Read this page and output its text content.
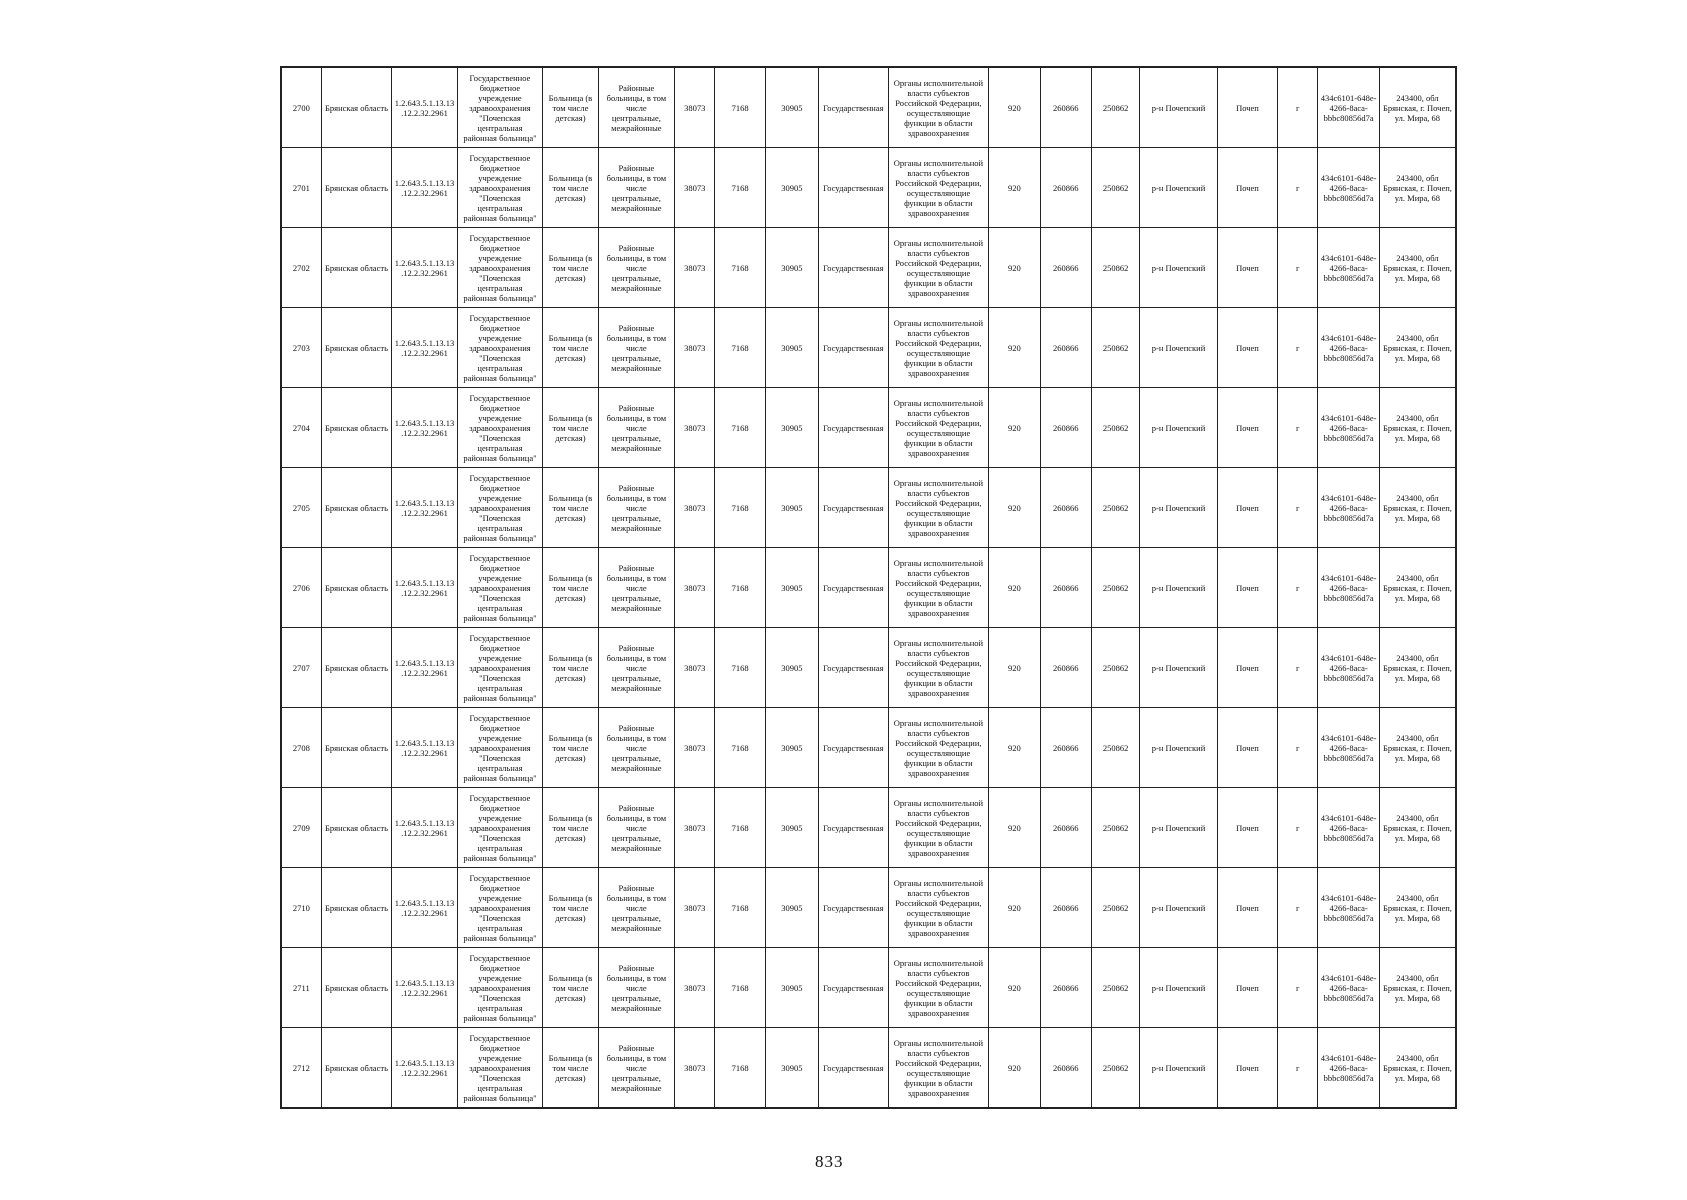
2700	Брянская область	1.2.643.5.1.13.13.12.2.32.2961	Государственное бюджетное учреждение здравоохранения "Почепская центральная районная больница"	Больница (в том числе детская)	Районные больницы, в том числе центральные, межрайонные	38073	7168	30905	Государственная	Органы исполнительной власти субъектов Российской Федерации, осуществляющие функции в области здравоохранения	920	260866	250862	р-н Почепский	Почеп	г	434c6101-648e-4266-8aca-bbbc80856d7a	243400, обл Брянская, г. Почеп, ул. Мира, 68
2701	Брянская область	1.2.643.5.1.13.13.12.2.32.2961	Государственное бюджетное учреждение здравоохранения "Почепская центральная районная больница"	Больница (в том числе детская)	Районные больницы, в том числе центральные, межрайонные	38073	7168	30905	Государственная	Органы исполнительной власти субъектов Российской Федерации, осуществляющие функции в области здравоохранения	920	260866	250862	р-н Почепский	Почеп	г	434c6101-648e-4266-8aca-bbbc80856d7a	243400, обл Брянская, г. Почеп, ул. Мира, 68
2702	Брянская область	1.2.643.5.1.13.13.12.2.32.2961	Государственное бюджетное учреждение здравоохранения "Почепская центральная районная больница"	Больница (в том числе детская)	Районные больницы, в том числе центральные, межрайонные	38073	7168	30905	Государственная	Органы исполнительной власти субъектов Российской Федерации, осуществляющие функции в области здравоохранения	920	260866	250862	р-н Почепский	Почеп	г	434c6101-648e-4266-8aca-bbbc80856d7a	243400, обл Брянская, г. Почеп, ул. Мира, 68
2703	Брянская область	1.2.643.5.1.13.13.12.2.32.2961	Государственное бюджетное учреждение здравоохранения "Почепская центральная районная больница"	Больница (в том числе детская)	Районные больницы, в том числе центральные, межрайонные	38073	7168	30905	Государственная	Органы исполнительной власти субъектов Российской Федерации, осуществляющие функции в области здравоохранения	920	260866	250862	р-н Почепский	Почеп	г	434c6101-648e-4266-8aca-bbbc80856d7a	243400, обл Брянская, г. Почеп, ул. Мира, 68
2704	Брянская область	1.2.643.5.1.13.13.12.2.32.2961	Государственное бюджетное учреждение здравоохранения "Почепская центральная районная больница"	Больница (в том числе детская)	Районные больницы, в том числе центральные, межрайонные	38073	7168	30905	Государственная	Органы исполнительной власти субъектов Российской Федерации, осуществляющие функции в области здравоохранения	920	260866	250862	р-н Почепский	Почеп	г	434c6101-648e-4266-8aca-bbbc80856d7a	243400, обл Брянская, г. Почеп, ул. Мира, 68
2705	Брянская область	1.2.643.5.1.13.13.12.2.32.2961	Государственное бюджетное учреждение здравоохранения "Почепская центральная районная больница"	Больница (в том числе детская)	Районные больницы, в том числе центральные, межрайонные	38073	7168	30905	Государственная	Органы исполнительной власти субъектов Российской Федерации, осуществляющие функции в области здравоохранения	920	260866	250862	р-н Почепский	Почеп	г	434c6101-648e-4266-8aca-bbbc80856d7a	243400, обл Брянская, г. Почеп, ул. Мира, 68
2706	Брянская область	1.2.643.5.1.13.13.12.2.32.2961	Государственное бюджетное учреждение здравоохранения "Почепская центральная районная больница"	Больница (в том числе детская)	Районные больницы, в том числе центральные, межрайонные	38073	7168	30905	Государственная	Органы исполнительной власти субъектов Российской Федерации, осуществляющие функции в области здравоохранения	920	260866	250862	р-н Почепский	Почеп	г	434c6101-648e-4266-8aca-bbbc80856d7a	243400, обл Брянская, г. Почеп, ул. Мира, 68
2707	Брянская область	1.2.643.5.1.13.13.12.2.32.2961	Государственное бюджетное учреждение здравоохранения "Почепская центральная районная больница"	Больница (в том числе детская)	Районные больницы, в том числе центральные, межрайонные	38073	7168	30905	Государственная	Органы исполнительной власти субъектов Российской Федерации, осуществляющие функции в области здравоохранения	920	260866	250862	р-н Почепский	Почеп	г	434c6101-648e-4266-8aca-bbbc80856d7a	243400, обл Брянская, г. Почеп, ул. Мира, 68
2708	Брянская область	1.2.643.5.1.13.13.12.2.32.2961	Государственное бюджетное учреждение здравоохранения "Почепская центральная районная больница"	Больница (в том числе детская)	Районные больницы, в том числе центральные, межрайонные	38073	7168	30905	Государственная	Органы исполнительной власти субъектов Российской Федерации, осуществляющие функции в области здравоохранения	920	260866	250862	р-н Почепский	Почеп	г	434c6101-648e-4266-8aca-bbbc80856d7a	243400, обл Брянская, г. Почеп, ул. Мира, 68
2709	Брянская область	1.2.643.5.1.13.13.12.2.32.2961	Государственное бюджетное учреждение здравоохранения "Почепская центральная районная больница"	Больница (в том числе детская)	Районные больницы, в том числе центральные, межрайонные	38073	7168	30905	Государственная	Органы исполнительной власти субъектов Российской Федерации, осуществляющие функции в области здравоохранения	920	260866	250862	р-н Почепский	Почеп	г	434c6101-648e-4266-8aca-bbbc80856d7a	243400, обл Брянская, г. Почеп, ул. Мира, 68
2710	Брянская область	1.2.643.5.1.13.13.12.2.32.2961	Государственное бюджетное учреждение здравоохранения "Почепская центральная районная больница"	Больница (в том числе детская)	Районные больницы, в том числе центральные, межрайонные	38073	7168	30905	Государственная	Органы исполнительной власти субъектов Российской Федерации, осуществляющие функции в области здравоохранения	920	260866	250862	р-н Почепский	Почеп	г	434c6101-648e-4266-8aca-bbbc80856d7a	243400, обл Брянская, г. Почеп, ул. Мира, 68
2711	Брянская область	1.2.643.5.1.13.13.12.2.32.2961	Государственное бюджетное учреждение здравоохранения "Почепская центральная районная больница"	Больница (в том числе детская)	Районные больницы, в том числе центральные, межрайонные	38073	7168	30905	Государственная	Органы исполнительной власти субъектов Российской Федерации, осуществляющие функции в области здравоохранения	920	260866	250862	р-н Почепский	Почеп	г	434c6101-648e-4266-8aca-bbbc80856d7a	243400, обл Брянская, г. Почеп, ул. Мира, 68
2712	Брянская область	1.2.643.5.1.13.13.12.2.32.2961	Государственное бюджетное учреждение здравоохранения "Почепская центральная районная больница"	Больница (в том числе детская)	Районные больницы, в том числе центральные, межрайонные	38073	7168	30905	Государственная	Органы исполнительной власти субъектов Российской Федерации, осуществляющие функции в области здравоохранения	920	260866	250862	р-н Почепский	Почеп	г	434c6101-648e-4266-8aca-bbbc80856d7a	243400, обл Брянская, г. Почеп, ул. Мира, 68
833
